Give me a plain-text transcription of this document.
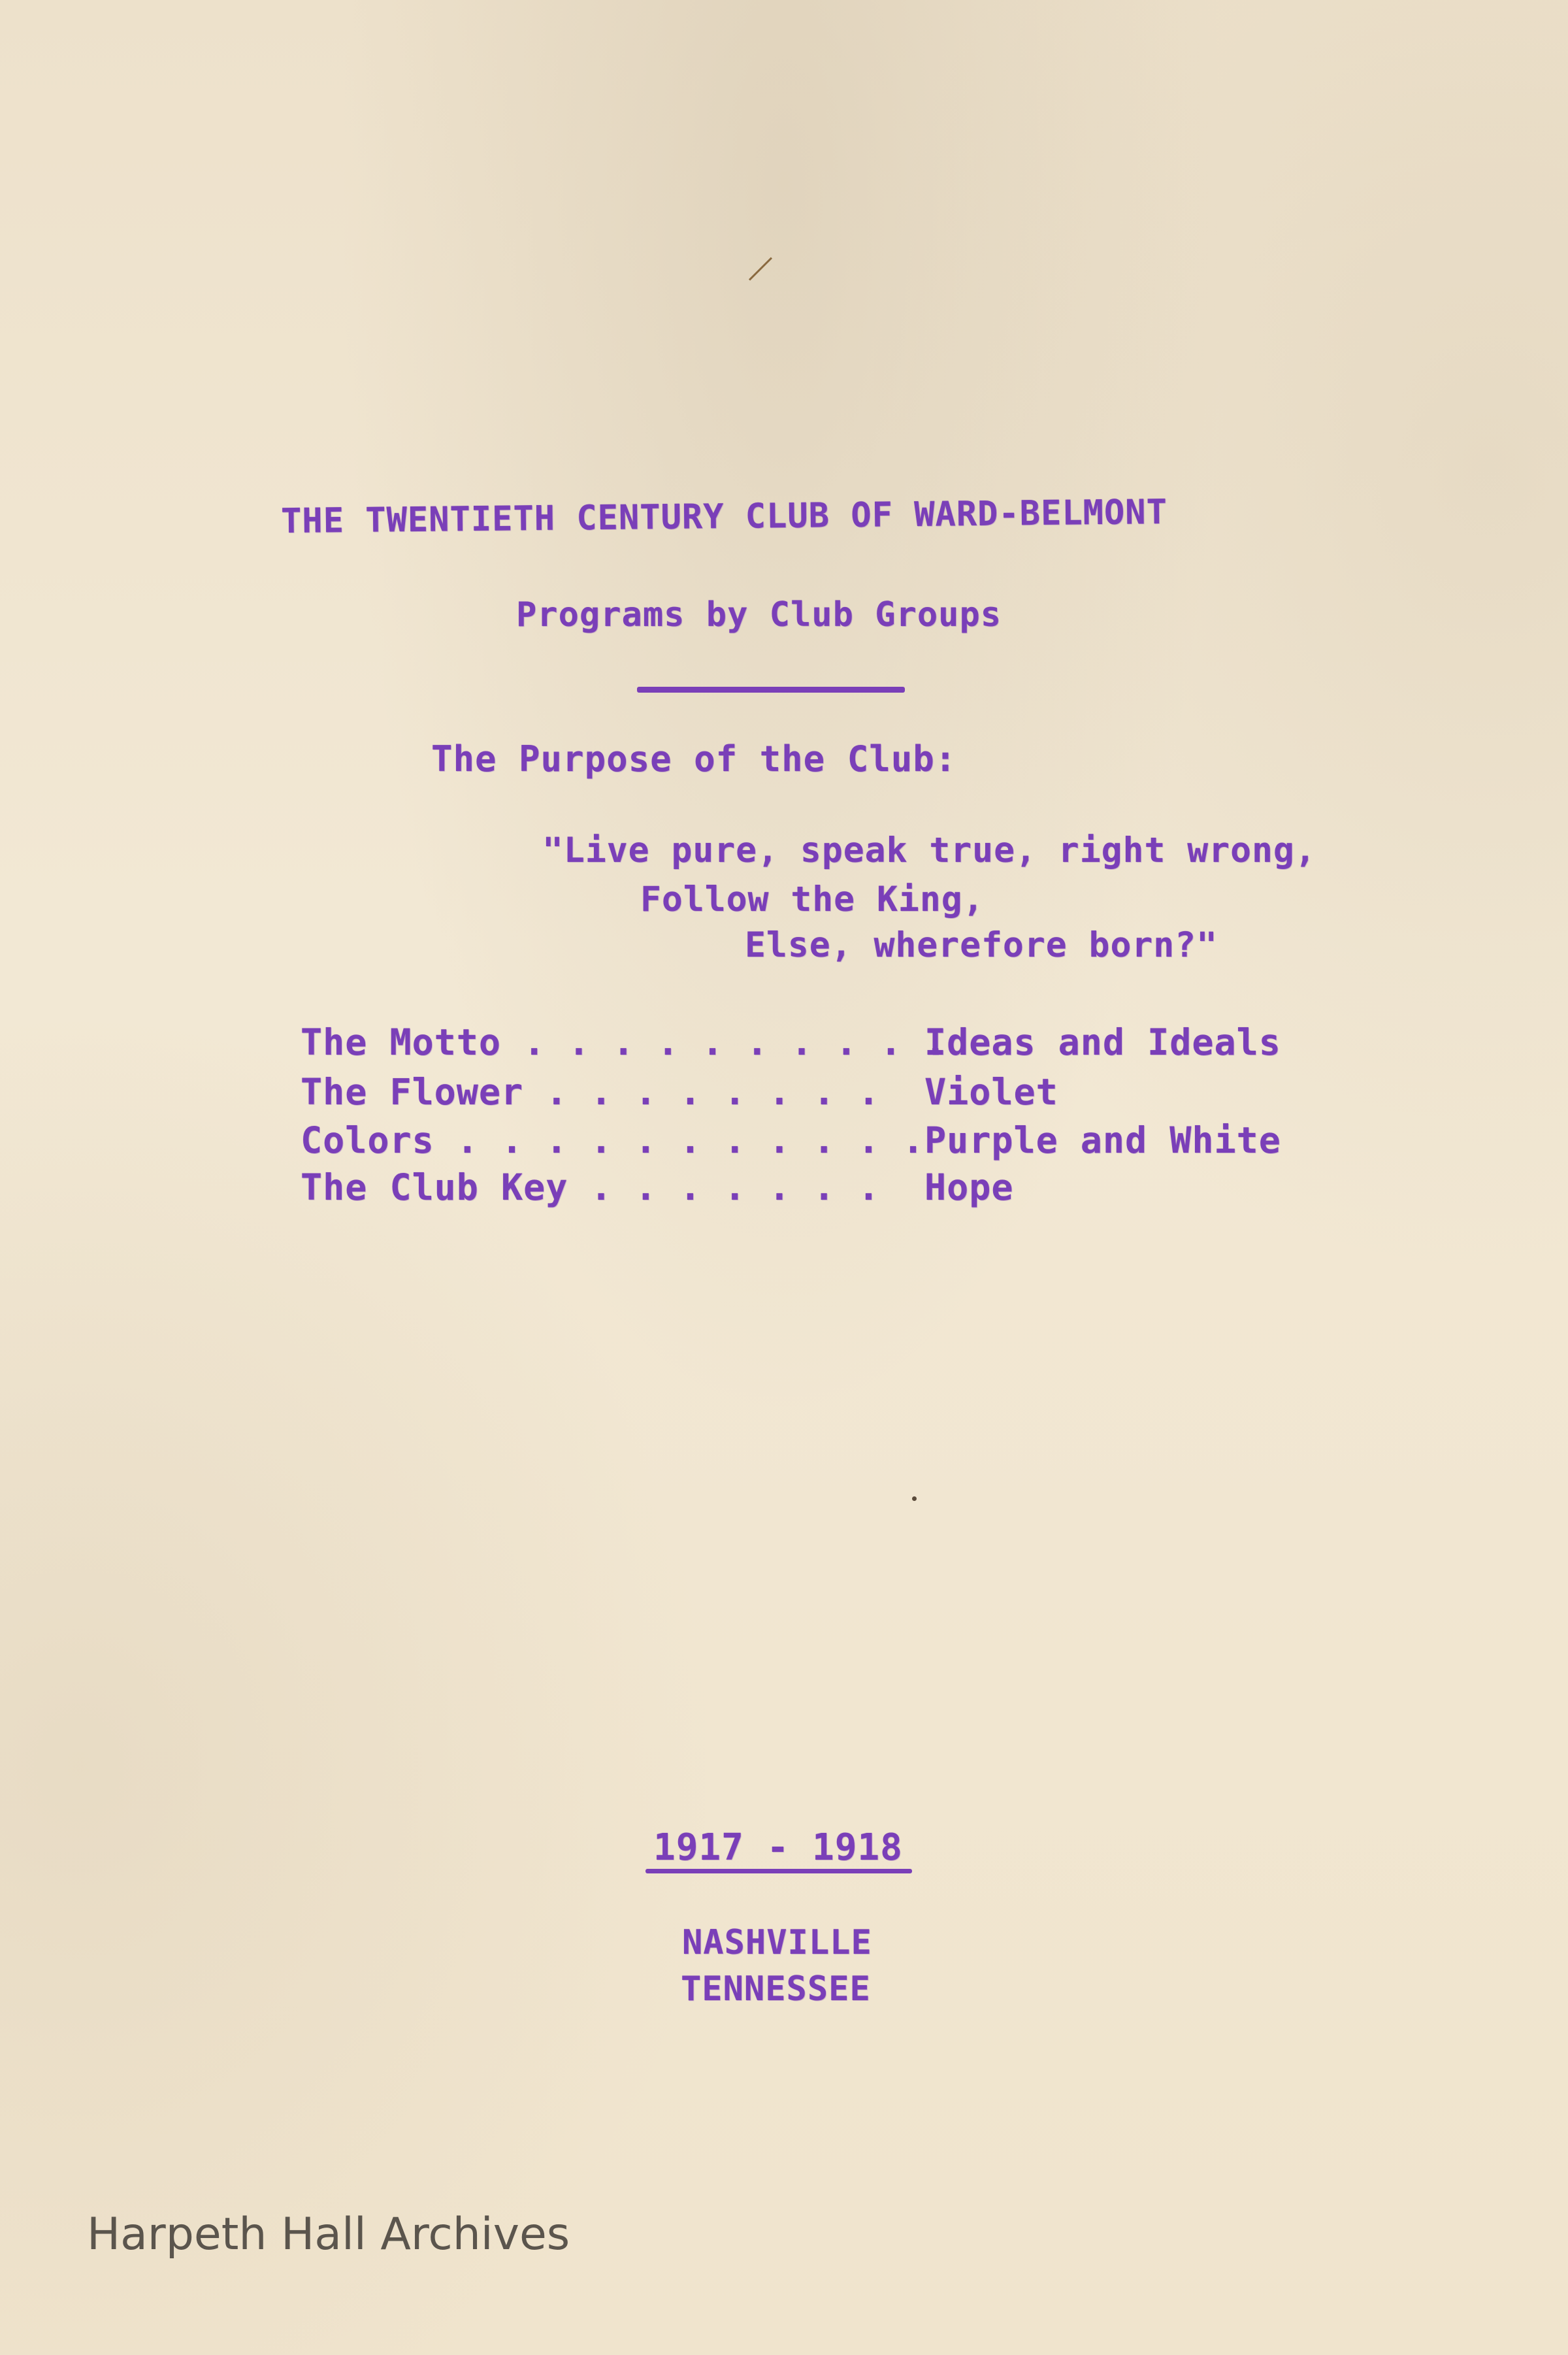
THE TWENTIETH CENTURY CLUB OF WARD-BELMONT
Programs by Club Groups
The Purpose of the Club:
"Live pure, speak true, right wrong,
Follow the King,
Else, wherefore born?"
The Motto . . . . . . . . . .
Ideas and Ideals
The Flower . . . . . . . . Violet
Colors . . . . . . . . . . . Purple and White
The Club Key . . . . . . . Hope
1917 - 1918
NASHVILLE
TENNESSEE
Harpeth Hall Archives
